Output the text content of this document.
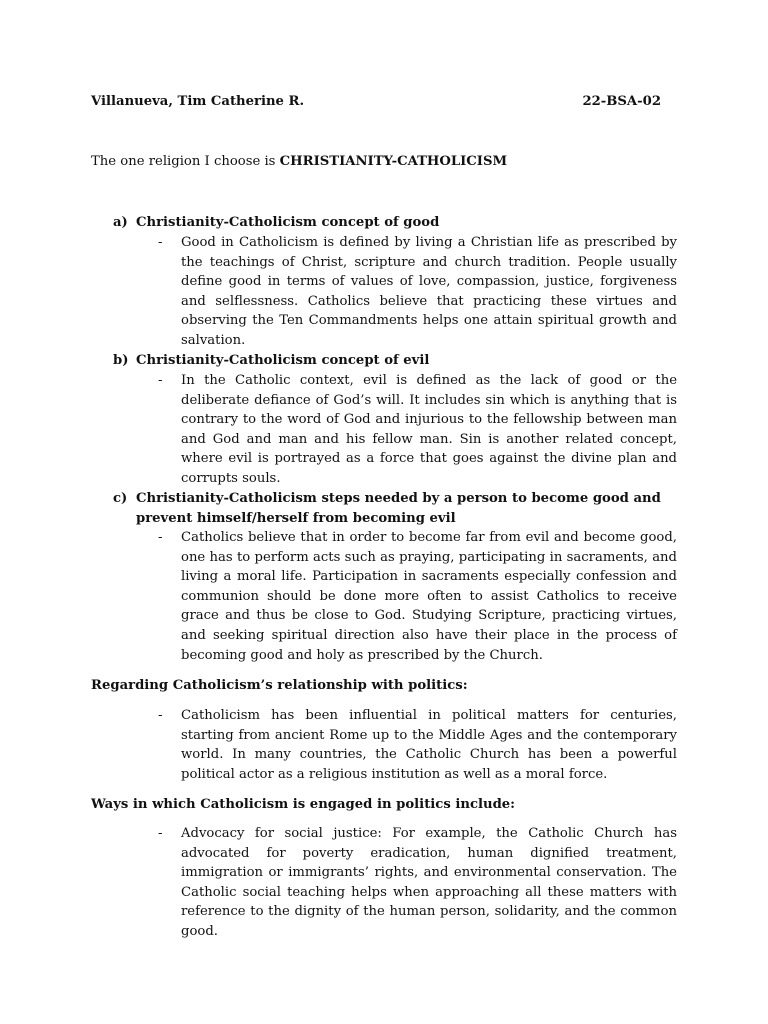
Villanueva, Tim Catherine R.	22-BSA-02
The one religion I choose is CHRISTIANITY-CATHOLICISM
a) Christianity-Catholicism concept of good
- Good in Catholicism is defined by living a Christian life as prescribed by the teachings of Christ, scripture and church tradition. People usually define good in terms of values of love, compassion, justice, forgiveness and selflessness. Catholics believe that practicing these virtues and observing the Ten Commandments helps one attain spiritual growth and salvation.
b) Christianity-Catholicism concept of evil
- In the Catholic context, evil is defined as the lack of good or the deliberate defiance of God’s will. It includes sin which is anything that is contrary to the word of God and injurious to the fellowship between man and God and man and his fellow man. Sin is another related concept, where evil is portrayed as a force that goes against the divine plan and corrupts souls.
c) Christianity-Catholicism steps needed by a person to become good and prevent himself/herself from becoming evil
- Catholics believe that in order to become far from evil and become good, one has to perform acts such as praying, participating in sacraments, and living a moral life. Participation in sacraments especially confession and communion should be done more often to assist Catholics to receive grace and thus be close to God. Studying Scripture, practicing virtues, and seeking spiritual direction also have their place in the process of becoming good and holy as prescribed by the Church.
Regarding Catholicism’s relationship with politics:
- Catholicism has been influential in political matters for centuries, starting from ancient Rome up to the Middle Ages and the contemporary world. In many countries, the Catholic Church has been a powerful political actor as a religious institution as well as a moral force.
Ways in which Catholicism is engaged in politics include:
- Advocacy for social justice: For example, the Catholic Church has advocated for poverty eradication, human dignified treatment, immigration or immigrants’ rights, and environmental conservation. The Catholic social teaching helps when approaching all these matters with reference to the dignity of the human person, solidarity, and the common good.
